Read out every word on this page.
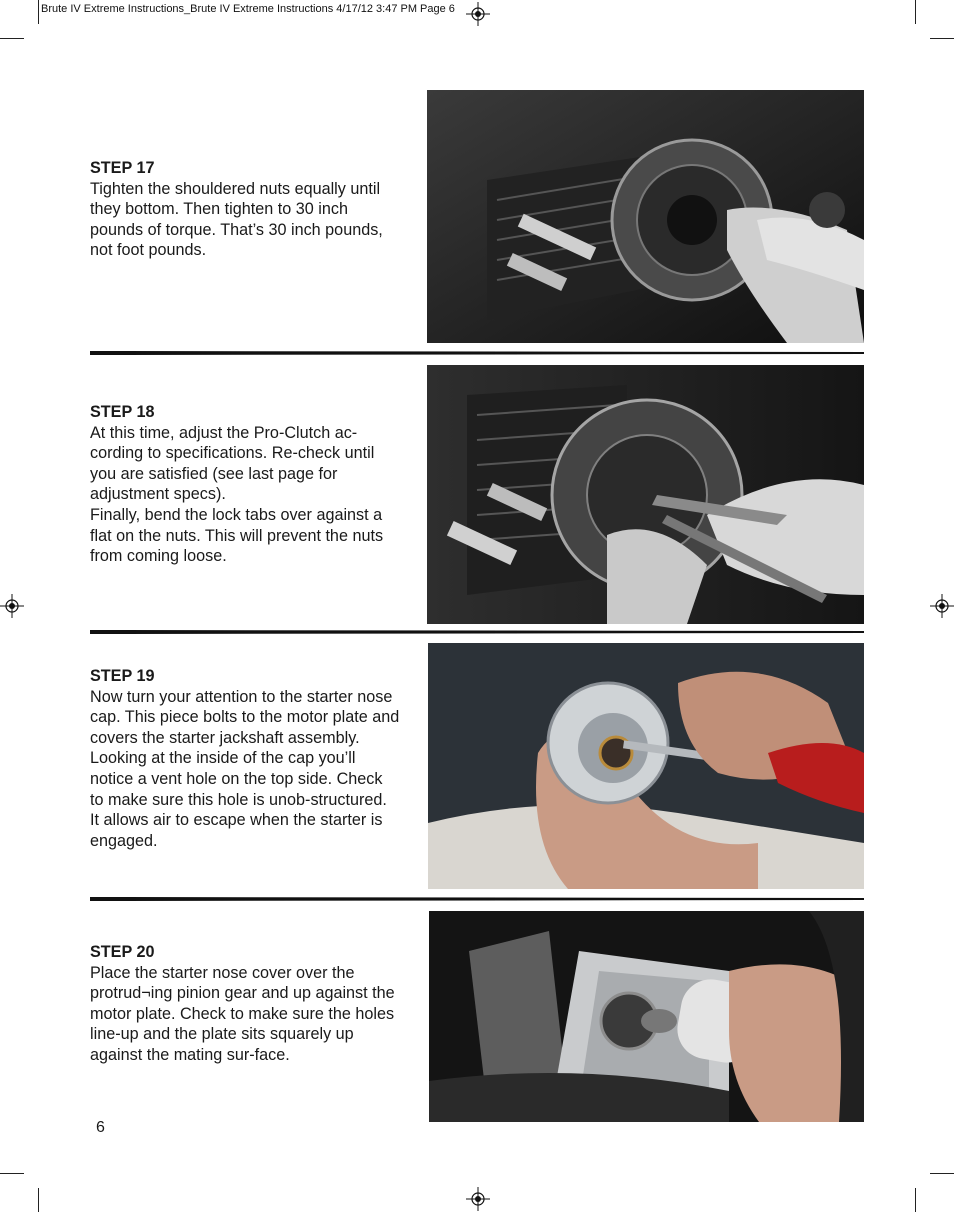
Brute IV Extreme Instructions_Brute IV Extreme Instructions 4/17/12 3:47 PM Page 6
STEP 17

Tighten the shouldered nuts equally until they bottom. Then tighten to 30 inch pounds of torque. That’s 30 inch pounds, not foot pounds.

STEP 18

At this time, adjust the Pro-Clutch ac-cording to specifications. Re-check until you are satisfied (see last page for adjustment specs).

Finally, bend the lock tabs over against a flat on the nuts. This will prevent the nuts from coming loose.

STEP 19

Now turn your attention to the starter nose cap. This piece bolts to the motor plate and covers the starter jackshaft assembly.

Looking at the inside of the cap you’ll notice a vent hole on the top side. Check to make sure this hole is unob-structured. It allows air to escape when the starter is engaged.

STEP 20

Place the starter nose cover over the protrud¬ing pinion gear and up against the motor plate. Check to make sure the holes line-up and the plate sits squarely up against the mating sur-face.

6
